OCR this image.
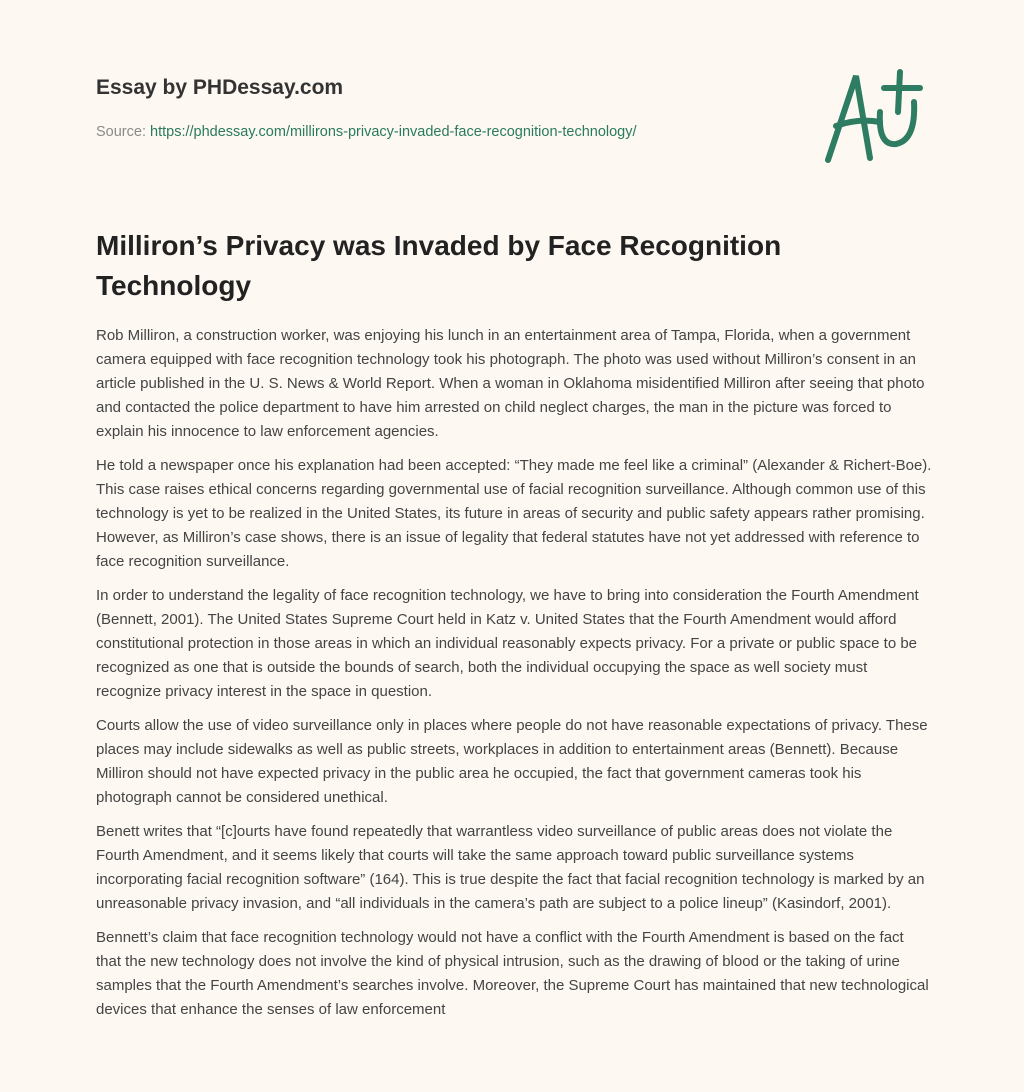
Essay by PHDessay.com
Source: https://phdessay.com/millirons-privacy-invaded-face-recognition-technology/
Milliron’s Privacy was Invaded by Face Recognition Technology

Rob Milliron, a construction worker, was enjoying his lunch in an entertainment area of Tampa, Florida, when a government camera equipped with face recognition technology took his photograph. The photo was used without Milliron’s consent in an article published in the U. S. News & World Report. When a woman in Oklahoma misidentified Milliron after seeing that photo and contacted the police department to have him arrested on child neglect charges, the man in the picture was forced to explain his innocence to law enforcement agencies.

He told a newspaper once his explanation had been accepted: “They made me feel like a criminal” (Alexander & Richert-Boe). This case raises ethical concerns regarding governmental use of facial recognition surveillance. Although common use of this technology is yet to be realized in the United States, its future in areas of security and public safety appears rather promising. However, as Milliron’s case shows, there is an issue of legality that federal statutes have not yet addressed with reference to face recognition surveillance.

In order to understand the legality of face recognition technology, we have to bring into consideration the Fourth Amendment (Bennett, 2001). The United States Supreme Court held in Katz v. United States that the Fourth Amendment would afford constitutional protection in those areas in which an individual reasonably expects privacy. For a private or public space to be recognized as one that is outside the bounds of search, both the individual occupying the space as well society must recognize privacy interest in the space in question.

Courts allow the use of video surveillance only in places where people do not have reasonable expectations of privacy. These places may include sidewalks as well as public streets, workplaces in addition to entertainment areas (Bennett). Because Milliron should not have expected privacy in the public area he occupied, the fact that government cameras took his photograph cannot be considered unethical.

Benett writes that “[c]ourts have found repeatedly that warrantless video surveillance of public areas does not violate the Fourth Amendment, and it seems likely that courts will take the same approach toward public surveillance systems incorporating facial recognition software” (164). This is true despite the fact that facial recognition technology is marked by an unreasonable privacy invasion, and “all individuals in the camera’s path are subject to a police lineup” (Kasindorf, 2001).

Bennett’s claim that face recognition technology would not have a conflict with the Fourth Amendment is based on the fact that the new technology does not involve the kind of physical intrusion, such as the drawing of blood or the taking of urine samples that the Fourth Amendment’s searches involve. Moreover, the Supreme Court has maintained that new technological devices that enhance the senses of law enforcement
